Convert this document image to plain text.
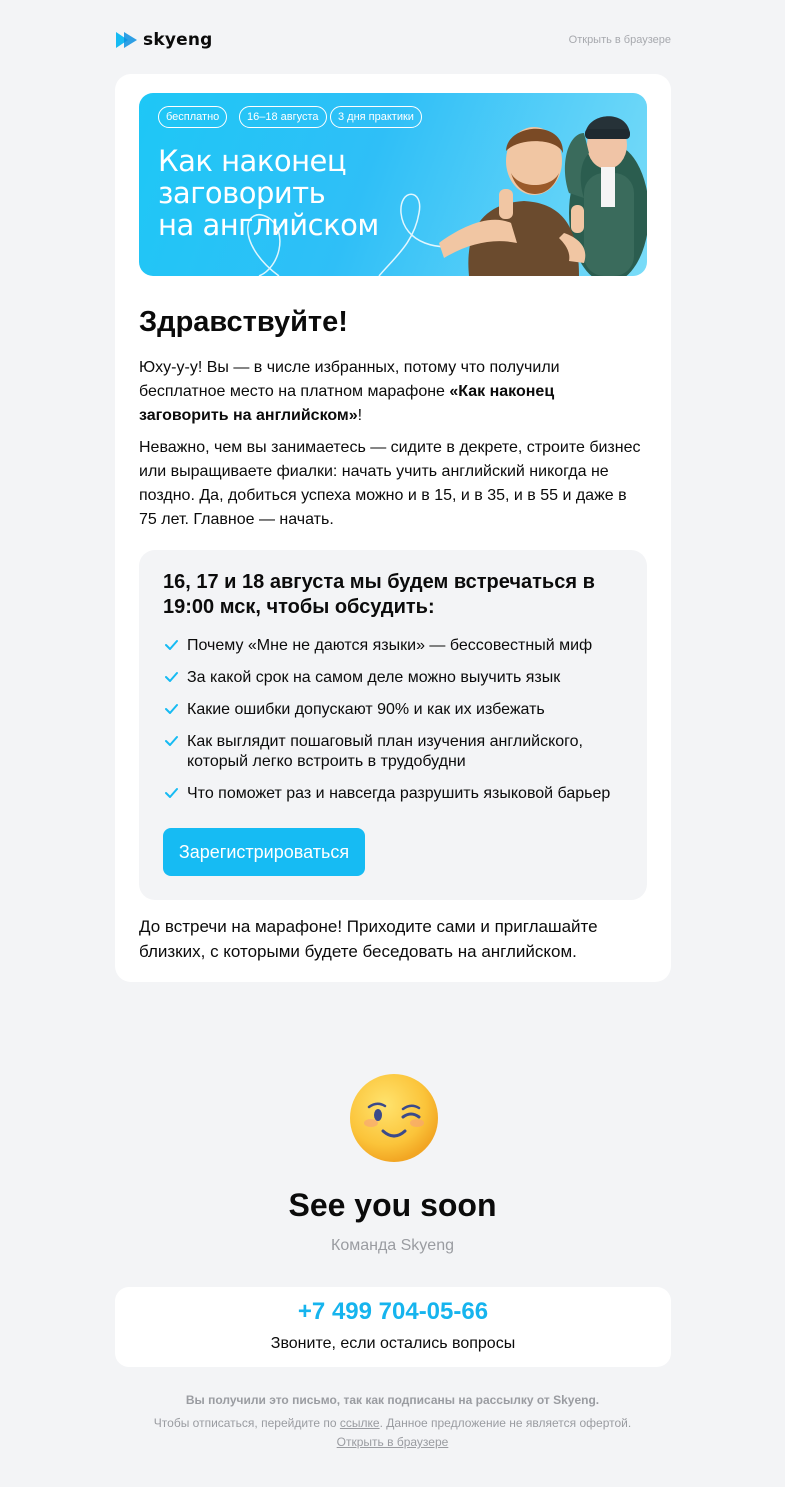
skyeng	Открыть в браузере
бесплатно	16–18 августа	3 дня практики
Как наконец заговорить
на английском
Здравствуйте!

Юху-у-у! Вы — в числе избранных, потому что получили бесплатное место на платном марафоне «Как наконец заговорить на английском»!

Неважно, чем вы занимаетесь — сидите в декрете, строите бизнес или выращиваете фиалки: начать учить английский никогда не поздно. Да, добиться успеха можно и в 15, и в 35, и в 55 и даже в 75 лет. Главное — начать.

16, 17 и 18 августа мы будем встречаться в 19:00 мск, чтобы обсудить:
Почему «Мне не даются языки» — бессовестный миф
За какой срок на самом деле можно выучить язык
Какие ошибки допускают 90% и как их избежать
Как выглядит пошаговый план изучения английского, который легко встроить в трудобудни
Что поможет раз и навсегда разрушить языковой барьер
Зарегистрироваться

До встречи на марафоне! Приходите сами и приглашайте близких, с которыми будете беседовать на английском.

See you soon
Команда Skyeng
+7 499 704-05-66
Звоните, если остались вопросы
Вы получили это письмо, так как подписаны на рассылку от Skyeng.
Чтобы отписаться, перейдите по ссылке. Данное предложение не является офертой.
Открыть в браузере
